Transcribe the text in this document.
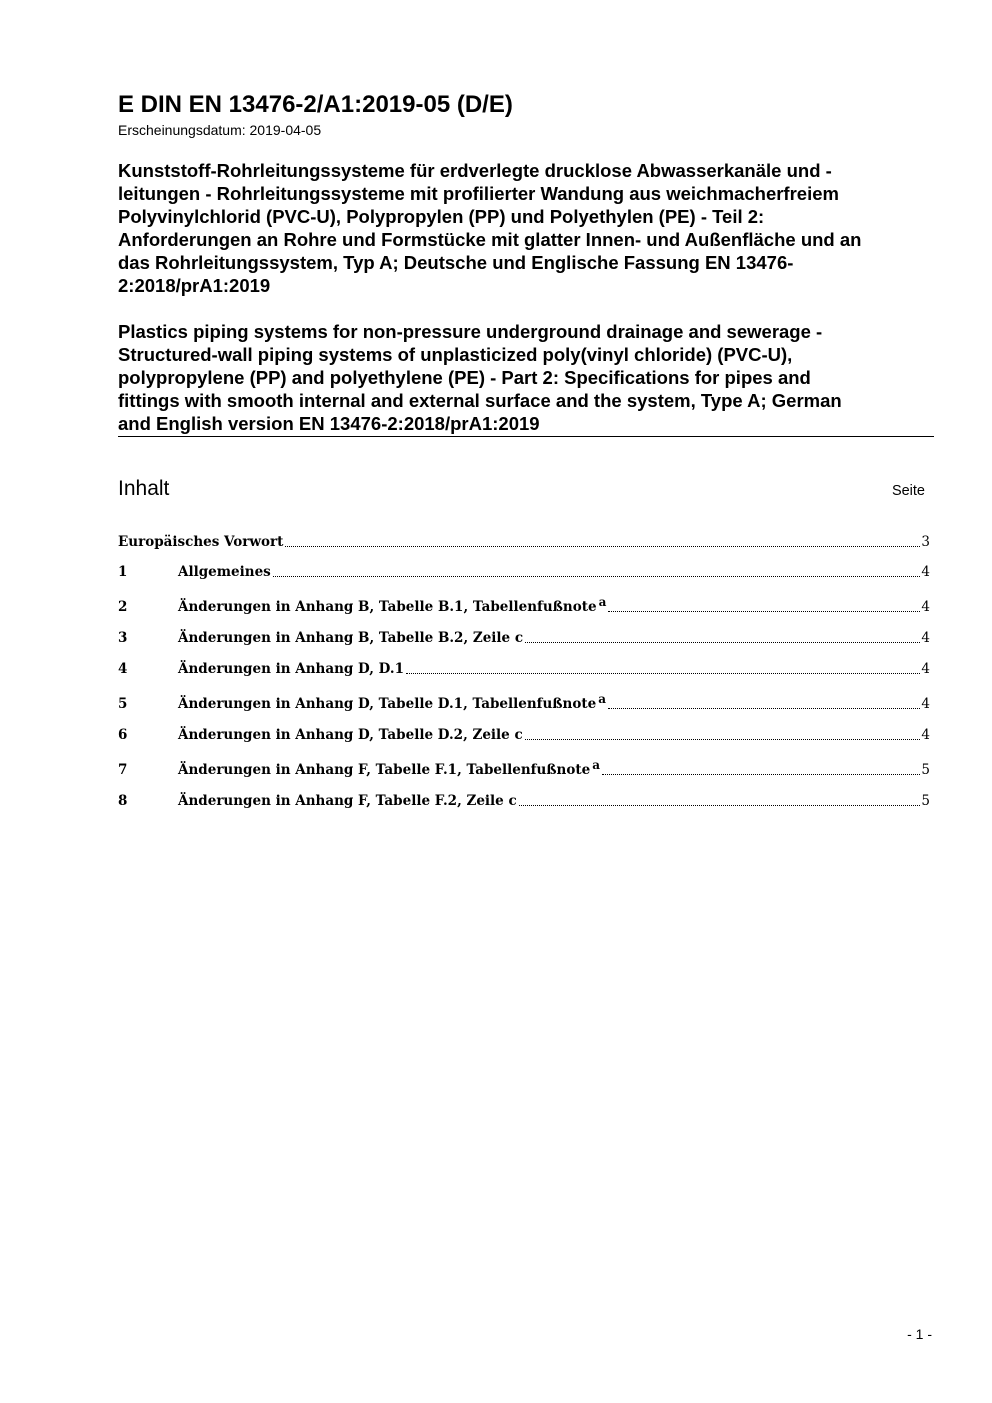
E DIN EN 13476-2/A1:2019-05 (D/E)
Erscheinungsdatum: 2019-04-05
Kunststoff-Rohrleitungssysteme für erdverlegte drucklose Abwasserkanäle und -
leitungen - Rohrleitungssysteme mit profilierter Wandung aus weichmacherfreiem
Polyvinylchlorid (PVC-U), Polypropylen (PP) und Polyethylen (PE) - Teil 2:
Anforderungen an Rohre und Formstücke mit glatter Innen- und Außenfläche und an
das Rohrleitungssystem, Typ A; Deutsche und Englische Fassung EN 13476-
2:2018/prA1:2019
Plastics piping systems for non-pressure underground drainage and sewerage -
Structured-wall piping systems of unplasticized poly(vinyl chloride) (PVC-U),
polypropylene (PP) and polyethylene (PE) - Part 2: Specifications for pipes and
fittings with smooth internal and external surface and the system, Type A; German
and English version EN 13476-2:2018/prA1:2019
Inhalt	Seite
Europäisches Vorwort	3
1	Allgemeines	4
2	Änderungen in Anhang B, Tabelle B.1, Tabellenfußnote a	4
3	Änderungen in Anhang B, Tabelle B.2, Zeile c	4
4	Änderungen in Anhang D, D.1	4
5	Änderungen in Anhang D, Tabelle D.1, Tabellenfußnote a	4
6	Änderungen in Anhang D, Tabelle D.2, Zeile c	4
7	Änderungen in Anhang F, Tabelle F.1, Tabellenfußnote a	5
8	Änderungen in Anhang F, Tabelle F.2, Zeile c	5
- 1 -
